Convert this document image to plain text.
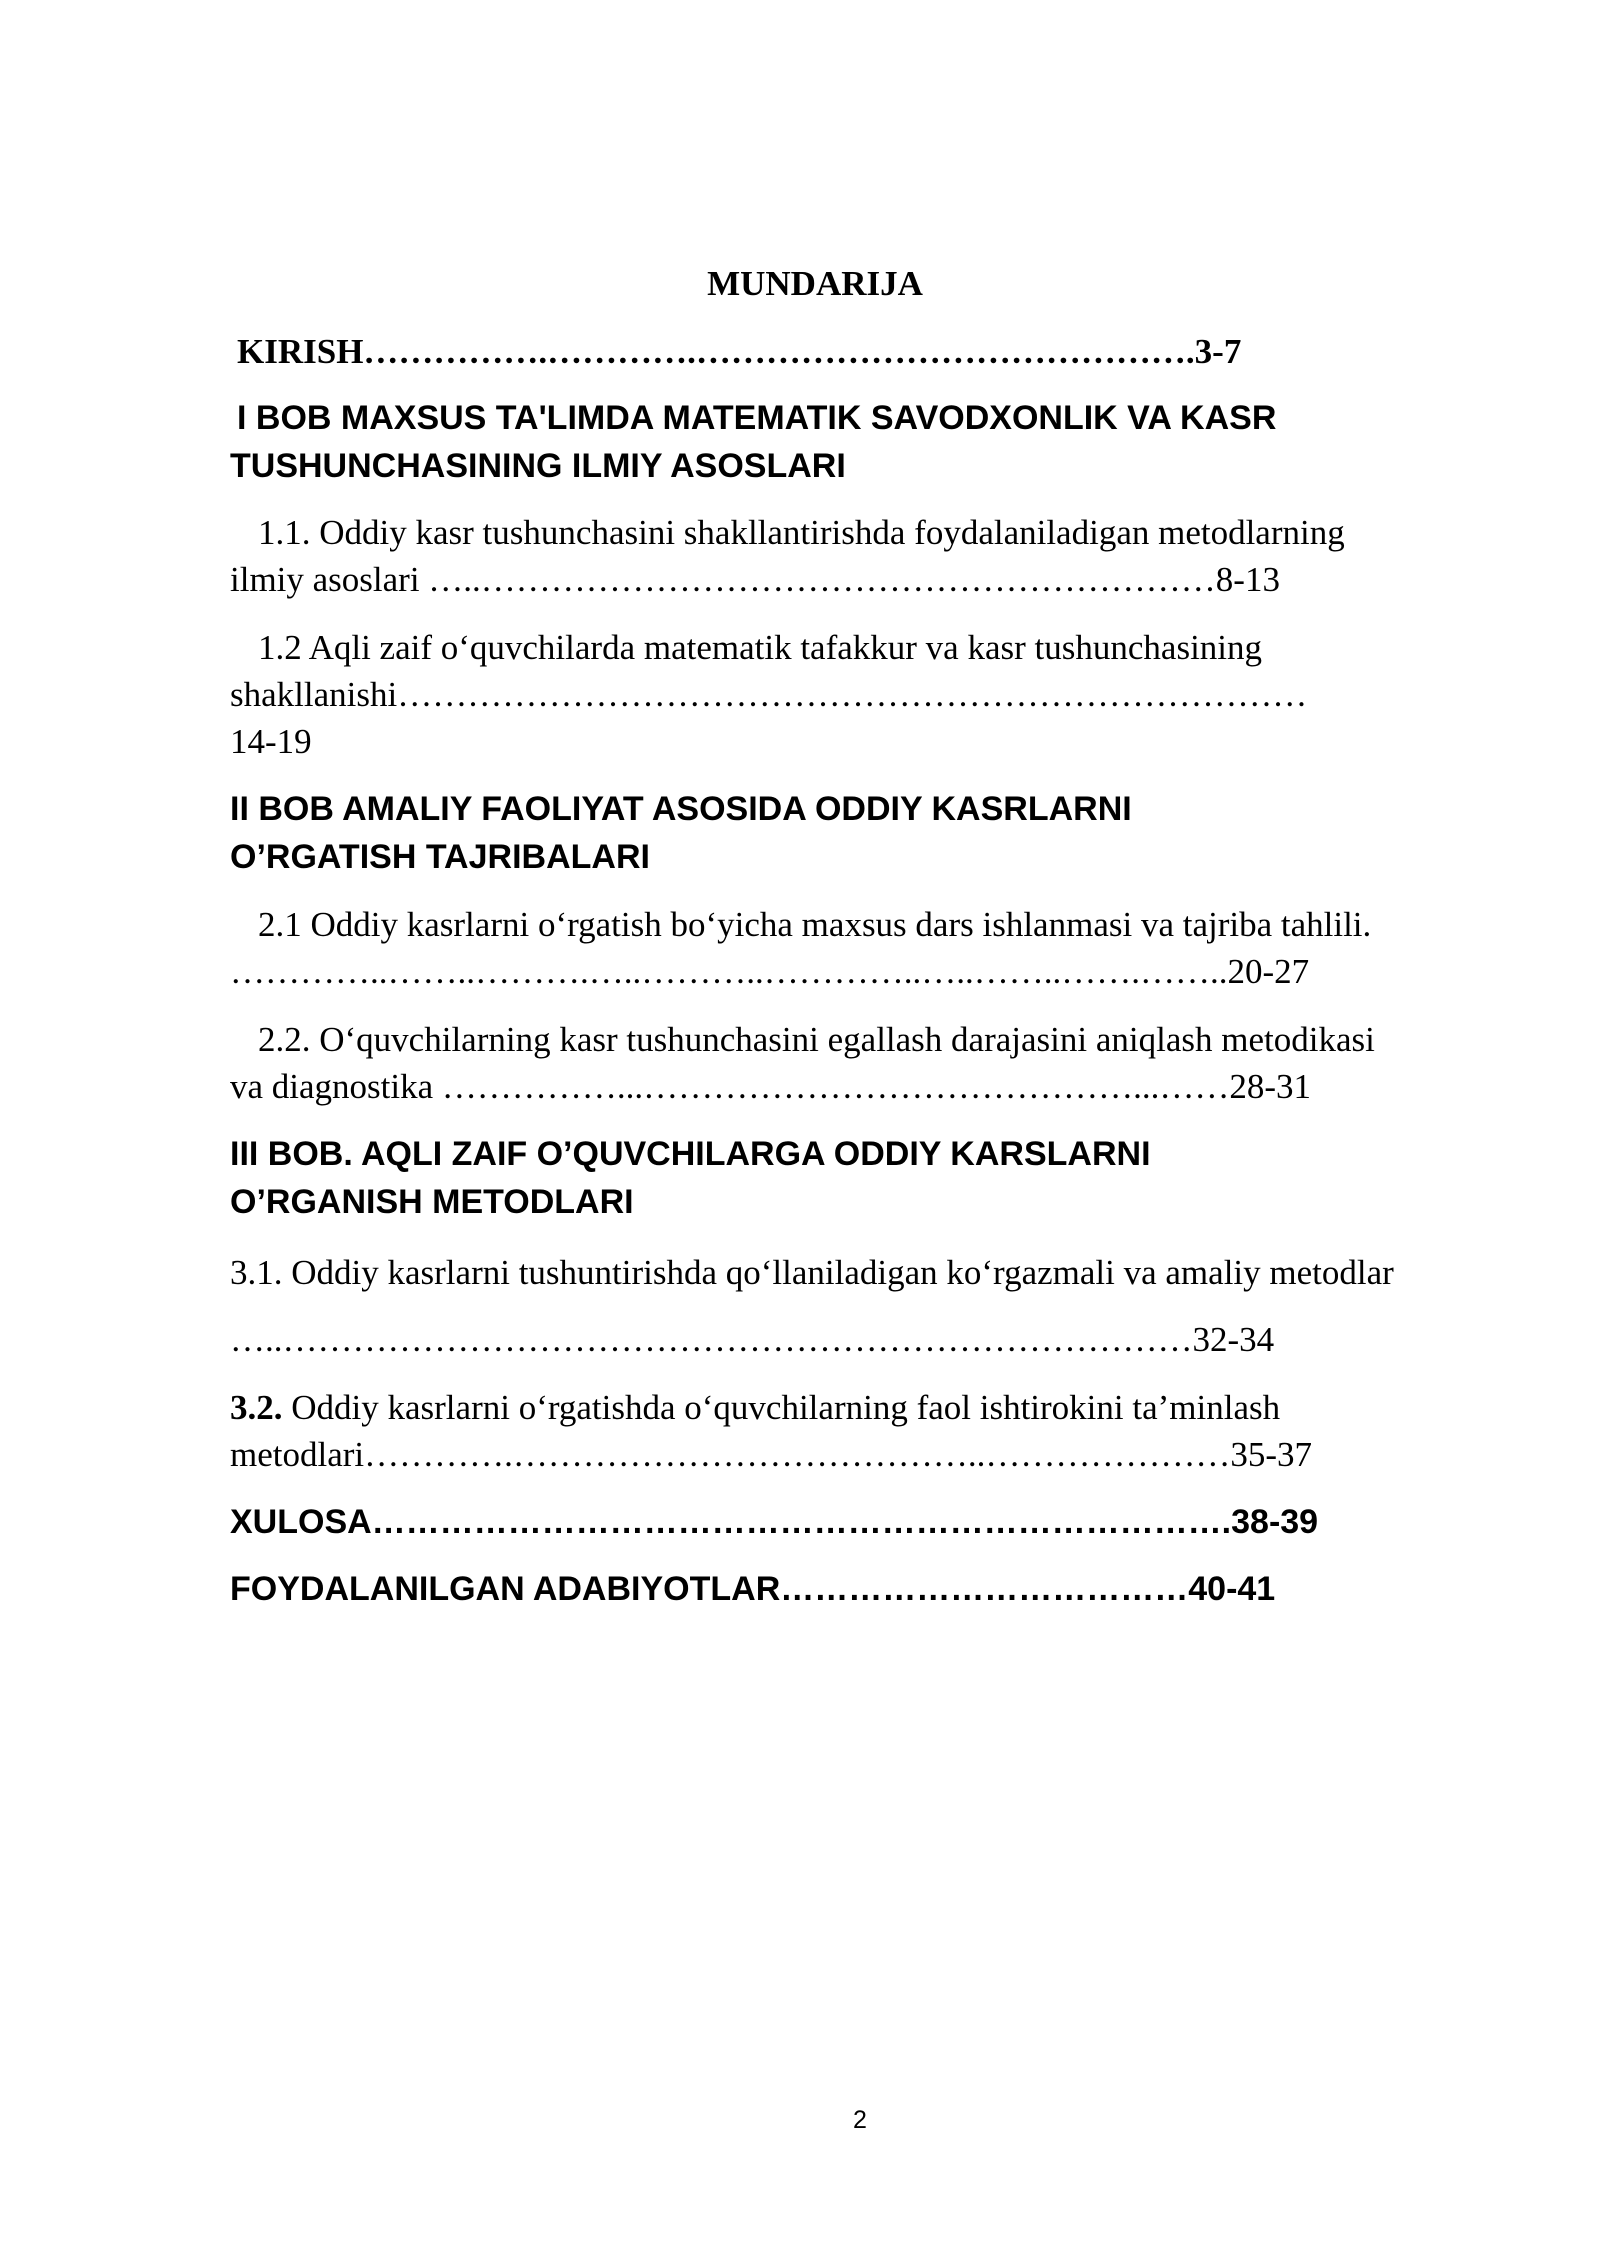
MUNDARIJA
KIRISH…………….………….…………………………………….3-7
I BOB MAXSUS TA'LIMDA MATEMATIK SAVODXONLIK VA KASR
TUSHUNCHASINING ILMIY ASOSLARI
1.1. Oddiy kasr tushunchasini shakllantirishda foydalaniladigan metodlarning
ilmiy asoslari …..………………………………………………………8-13
1.2 Aqli zaif o‘quvchilarda matematik tafakkur va kasr tushunchasining
shakllanishi……………………………………………………………………
14-19
II BOB AMALIY FAOLIYAT ASOSIDA ODDIY KASRLARNI
O’RGATISH TAJRIBALARI
2.1 Oddiy kasrlarni o‘rgatish bo‘yicha maxsus dars ishlanmasi va tajriba tahlili.
…………..……..……….…..………..…………..…..……..…….……..20-27
2.2. O‘quvchilarning kasr tushunchasini egallash darajasini aniqlash metodikasi
va diagnostika ……………...……………………………………...……28-31
III BOB. AQLI ZAIF O’QUVCHILARGA ODDIY KARSLARNI
O’RGANISH METODLARI
3.1. Oddiy kasrlarni tushuntirishda qo‘llaniladigan ko‘rgazmali va amaliy metodlar
…..……………………………………………………………………32-34
3.2. Oddiy kasrlarni o‘rgatishda o‘quvchilarning faol ishtirokini ta’minlash
metodlari………….…………………………………..…………………35-37
XULOSA………………………………………………………………….38-39
FOYDALANILGAN ADABIYOTLAR………………………………40-41
2
